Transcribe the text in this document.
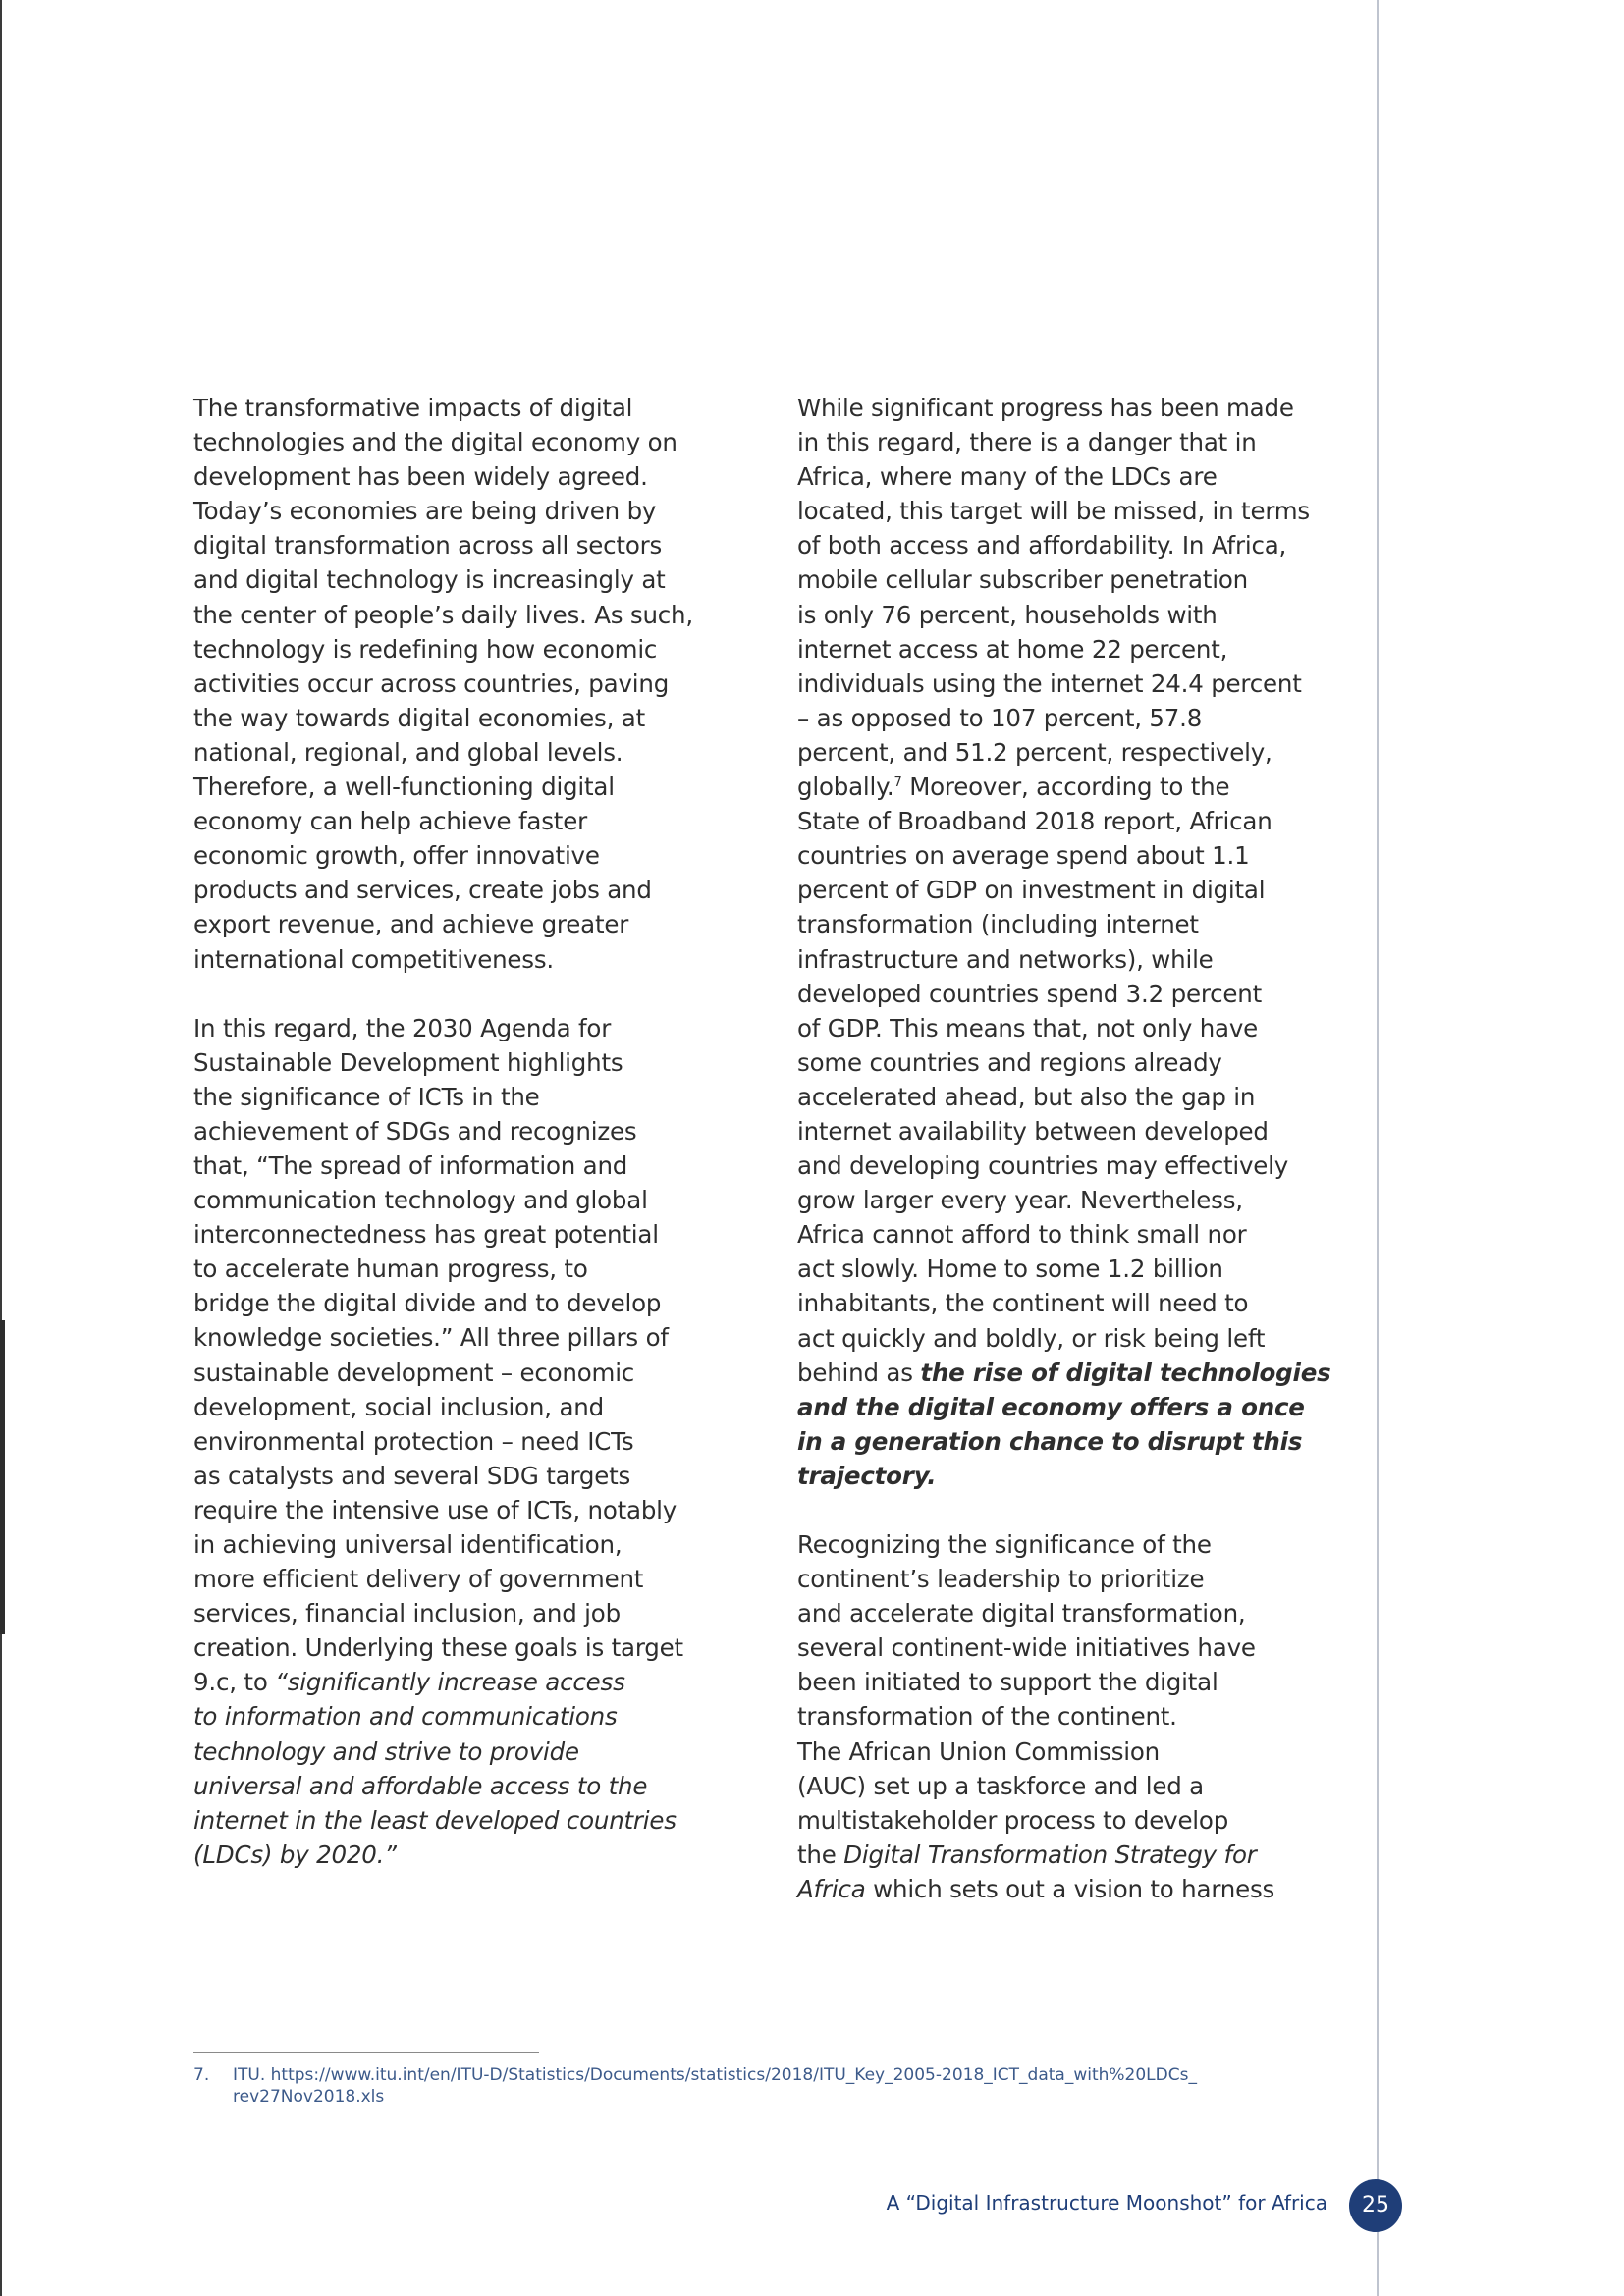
The transformative impacts of digital
technologies and the digital economy on
development has been widely agreed.
Today’s economies are being driven by
digital transformation across all sectors
and digital technology is increasingly at
the center of people’s daily lives. As such,
technology is redefining how economic
activities occur across countries, paving
the way towards digital economies, at
national, regional, and global levels.
Therefore, a well-functioning digital
economy can help achieve faster
economic growth, offer innovative
products and services, create jobs and
export revenue, and achieve greater
international competitiveness.

In this regard, the 2030 Agenda for
Sustainable Development highlights
the significance of ICTs in the
achievement of SDGs and recognizes
that, “The spread of information and
communication technology and global
interconnectedness has great potential
to accelerate human progress, to
bridge the digital divide and to develop
knowledge societies.” All three pillars of
sustainable development – economic
development, social inclusion, and
environmental protection – need ICTs
as catalysts and several SDG targets
require the intensive use of ICTs, notably
in achieving universal identification,
more efficient delivery of government
services, financial inclusion, and job
creation. Underlying these goals is target
9.c, to “significantly increase access
to information and communications
technology and strive to provide
universal and affordable access to the
internet in the least developed countries
(LDCs) by 2020.”

While significant progress has been made
in this regard, there is a danger that in
Africa, where many of the LDCs are
located, this target will be missed, in terms
of both access and affordability. In Africa,
mobile cellular subscriber penetration
is only 76 percent, households with
internet access at home 22 percent,
individuals using the internet 24.4 percent
– as opposed to 107 percent, 57.8
percent, and 51.2 percent, respectively,
globally.$^7$ Moreover, according to the
State of Broadband 2018 report, African
countries on average spend about 1.1
percent of GDP on investment in digital
transformation (including internet
infrastructure and networks), while
developed countries spend 3.2 percent
of GDP. This means that, not only have
some countries and regions already
accelerated ahead, but also the gap in
internet availability between developed
and developing countries may effectively
grow larger every year. Nevertheless,
Africa cannot afford to think small nor
act slowly. Home to some 1.2 billion
inhabitants, the continent will need to
act quickly and boldly, or risk being left
behind as the rise of digital technologies
and the digital economy offers a once
in a generation chance to disrupt this
trajectory.

Recognizing the significance of the
continent’s leadership to prioritize
and accelerate digital transformation,
several continent-wide initiatives have
been initiated to support the digital
transformation of the continent.
The African Union Commission
(AUC) set up a taskforce and led a
multistakeholder process to develop
the Digital Transformation Strategy for
Africa which sets out a vision to harness

7. ITU. https://www.itu.int/en/ITU-D/Statistics/Documents/statistics/2018/ITU_Key_2005-2018_ICT_data_with%20LDCs_
rev27Nov2018.xls
A “Digital Infrastructure Moonshot” for Africa	25
